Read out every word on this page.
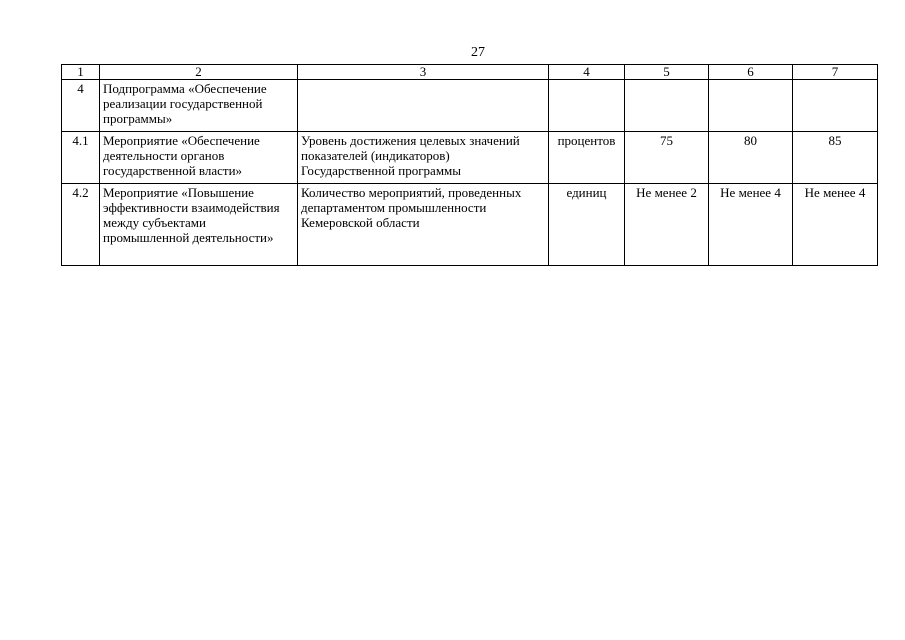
27
1	2	3	4	5	6	7
4	Подпрограмма «Обеспечение реализации государственной программы»					
4.1	Мероприятие «Обеспечение деятельности органов государственной власти»	Уровень достижения целевых значений показателей (индикаторов) Государственной программы	процентов	75	80	85
4.2	Мероприятие «Повышение эффективности взаимодействия между субъектами промышленной деятельности»	Количество мероприятий, проведенных департаментом промышленности Кемеровской области	единиц	Не менее 2	Не менее 4	Не менее 4
